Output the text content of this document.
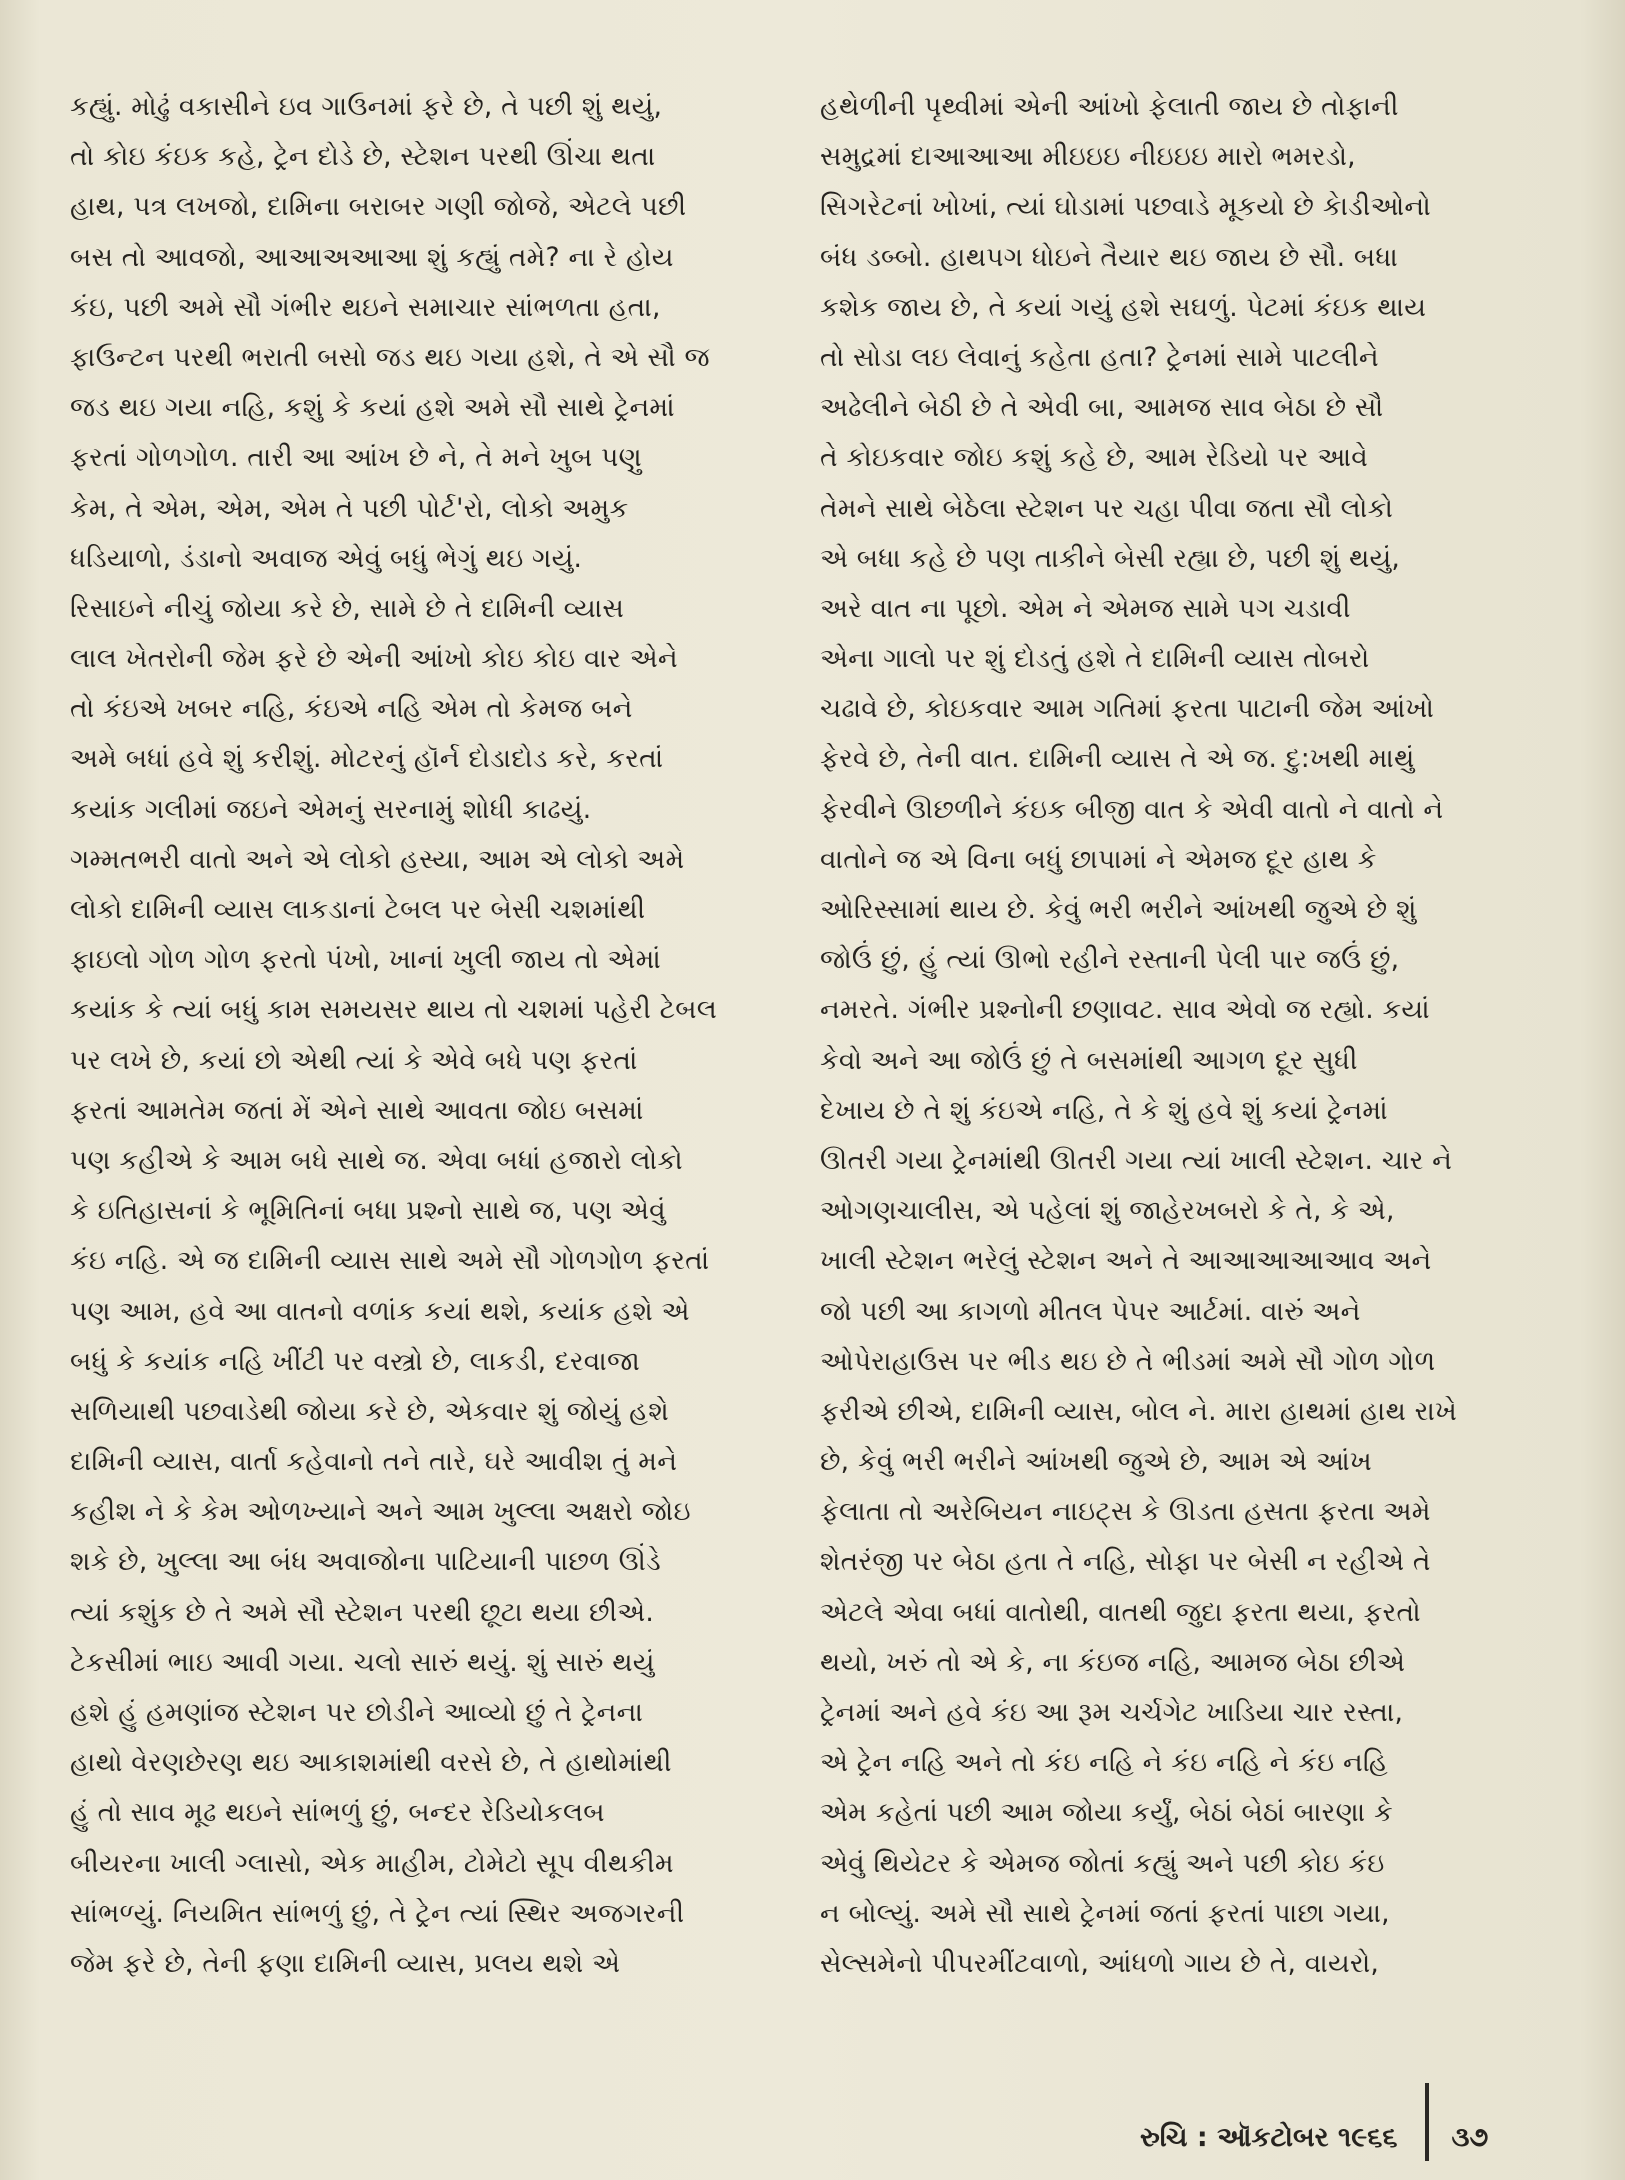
કહ્યું. મોઢું વકાસીને ઇવ ગાઉનમાં ફરે છે, તે પછી શું થયું,
તો કોઇ કંઇક કહે, ટ્રેન દોડે છે, સ્ટેશન પરથી ઊંચા થતા
હાથ, પત્ર લખજો, દામિના બરાબર ગણી જોજે, એટલે પછી
બસ તો આવજો, આઆઅઆઆ શું કહ્યું તમે? ના રે હોય
કંઇ, પછી અમે સૌ ગંભીર થઇને સમાચાર સાંભળતા હતા,
ફાઉન્ટન પરથી ભરાતી બસો જડ થઇ ગયા હશે, તે એ સૌ જ
જડ થઇ ગયા નહિ, કશું કે કયાં હશે અમે સૌ સાથે ટ્રેનમાં
ફરતાં ગોળગોળ. તારી આ આંખ છે ને, તે મને ખુબ પણુ
કેમ, તે એમ, એમ, એમ તે પછી પોર્ટ'રો, લોકો અમુક
ધડિયાળો, ડંડાનો અવાજ એવું બધું ભેગું થઇ ગયું.
રિસાઇને નીચું જોયા કરે છે, સામે છે તે દામિની વ્યાસ
લાલ ખેતરોની જેમ ફરે છે એની આંખો કોઇ કોઇ વાર એને
તો કંઇએ ખબર નહિ, કંઇએ નહિ એમ તો કેમજ બને
અમે બધાં હવે શું કરીશું. મોટરનું હૉર્ન દોડાદોડ કરે, કરતાં
કયાંક ગલીમાં જઇને એમનું સરનામું શોધી કાઢયું.
ગમ્મતભરી વાતો અને એ લોકો હસ્યા, આમ એ લોકો અમે
લોકો દામિની વ્યાસ લાકડાનાં ટેબલ પર બેસી ચશમાંથી
ફાઇલો ગોળ ગોળ ફરતો પંખો, ખાનાં ખુલી જાય તો એમાં
કયાંક કે ત્યાં બધું કામ સમયસર થાય તો ચશમાં પહેરી ટેબલ
પર લખે છે, કયાં છો એથી ત્યાં કે એવે બધે પણ ફરતાં
ફરતાં આમતેમ જતાં મેં એને સાથે આવતા જોઇ બસમાં
પણ કહીએ કે આમ બધે સાથે જ. એવા બધાં હજારો લોકો
કે ઇતિહાસનાં કે ભૂમિતિનાં બધા પ્રશ્નો સાથે જ, પણ એવું
કંઇ નહિ. એ જ દામિની વ્યાસ સાથે અમે સૌ ગોળગોળ ફરતાં
પણ આમ, હવે આ વાતનો વળાંક કયાં થશે, કયાંક હશે એ
બધું કે કયાંક નહિ ખીંટી પર વસ્ત્રો છે, લાકડી, દરવાજા
સળિયાથી પછવાડેથી જોયા કરે છે, એકવાર શું જોયું હશે
દામિની વ્યાસ, વાર્તા કહેવાનો તને તારે, ઘરે આવીશ તું મને
કહીશ ને કે કેમ ઓળખ્યાને અને આમ ખુલ્લા અક્ષરો જોઇ
શકે છે, ખુલ્લા આ બંધ અવાજોના પાટિયાની પાછળ ઊંડે
ત્યાં કશુંક છે તે અમે સૌ સ્ટેશન પરથી છૂટા થયા છીએ.
ટેકસીમાં ભાઇ આવી ગયા. ચલો સારું થયું. શું સારું થયું
હશે હું હમણાંજ સ્ટેશન પર છોડીને આવ્યો છું તે ટ્રેનના
હાથો વેરણછેરણ થઇ આકાશમાંથી વરસે છે, તે હાથોમાંથી
હું તો સાવ મૂઢ થઇને સાંભળું છું, બન્દર રેડિયોકલબ
બીયરના ખાલી ગ્લાસો, એક માહીમ, ટોમેટો સૂપ વીથકીમ
સાંભળ્યું. નિયમિત સાંભળું છું, તે ટ્રેન ત્યાં સ્થિર અજગરની
જેમ ફરે છે, તેની ફણા દામિની વ્યાસ, પ્રલય થશે એ
હથેળીની પૃથ્વીમાં એની આંખો ફેલાતી જાય છે તોફાની
સમુદ્રમાં દાઆઆઆ મીઇઇઇ નીઇઇઇ મારો ભમરડો,
સિગરેટનાં ખોખાં, ત્યાં ઘોડામાં પછવાડે મૂકયો છે કેાડીઓનો
બંધ ડબ્બો. હાથપગ ધોઇને તૈયાર થઇ જાય છે સૌ. બધા
કશેક જાય છે, તે કયાં ગયું હશે સઘળું. પેટમાં કંઇક થાય
તો સોડા લઇ લેવાનું કહેતા હતા? ટ્રેનમાં સામે પાટલીને
અઢેલીને બેઠી છે તે એવી બા, આમજ સાવ બેઠા છે સૌ
તે કોઇકવાર જોઇ કશું કહે છે, આમ રેડિયો પર આવે
તેમને સાથે બેઠેલા સ્ટેશન પર ચહા પીવા જતા સૌ લોકો
એ બધા કહે છે પણ તાકીને બેસી રહ્યા છે, પછી શું થયું,
અરે વાત ના પૂછો. એમ ને એમજ સામે પગ ચડાવી
એના ગાલો પર શું દોડતું હશે તે દામિની વ્યાસ તોબરો
ચઢાવે છે, કોઇકવાર આમ ગતિમાં ફરતા પાટાની જેમ આંખો
ફેરવે છે, તેની વાત. દામિની વ્યાસ તે એ જ. દુ:ખથી માથું
ફેરવીને ઊછળીને કંઇક બીજી વાત કે એવી વાતો ને વાતો ને
વાતોને જ એ વિના બધું છાપામાં ને એમજ દૂર હાથ કે
ઓરિસ્સામાં થાય છે. કેવું ભરી ભરીને આંખથી જુએ છે શું
જોઉં છું, હું ત્યાં ઊભો રહીને રસ્તાની પેલી પાર જઉં છું,
નમરતે. ગંભીર પ્રશ્નોની છણાવટ. સાવ એવો જ રહ્યો. કયાં
કેવો અને આ જોઉં છું તે બસમાંથી આગળ દૂર સુધી
દેખાય છે તે શું કંઇએ નહિ, તે કે શું હવે શું કયાં ટ્રેનમાં
ઊતરી ગયા ટ્રેનમાંથી ઊતરી ગયા ત્યાં ખાલી સ્ટેશન. ચાર ને
ઓગણચાલીસ, એ પહેલાં શું જાહેરખબરો કે તે, કે એ,
ખાલી સ્ટેશન ભરેલું સ્ટેશન અને તે આઆઆઆઆવ અને
જો પછી આ કાગળો મીતલ પેપર આર્ટમાં. વારું અને
ઓપેરાહાઉસ પર ભીડ થઇ છે તે ભીડમાં અમે સૌ ગોળ ગોળ
ફરીએ છીએ, દામિની વ્યાસ, બોલ ને. મારા હાથમાં હાથ રાખે
છે, કેવું ભરી ભરીને આંખથી જુએ છે, આમ એ આંખ
ફેલાતા તો અરેબિયન નાઇટ્સ કે ઊડતા હસતા ફરતા અમે
શેતરંજી પર બેઠા હતા તે નહિ, સોફા પર બેસી ન રહીએ તે
એટલે એવા બધાં વાતોથી, વાતથી જુદા ફરતા થયા, ફરતો
થયો, ખરું તો એ કે, ના કંઇજ નહિ, આમજ બેઠા છીએ
ટ્રેનમાં અને હવે કંઇ આ રૂમ ચર્ચગેટ ખાડિયા ચાર રસ્તા,
એ ટ્રેન નહિ અને તો કંઇ નહિ ને કંઇ નહિ ને કંઇ નહિ
એમ કહેતાં પછી આમ જોયા કર્યું, બેઠાં બેઠાં બારણા કે
એવું થિયેટર કે એમજ જોતાં કહ્યું અને પછી કોઇ કંઇ
ન બોલ્યું. અમે સૌ સાથે ટ્રેનમાં જતાં ફરતાં પાછા ગયા,
સેલ્સમેનો પીપરમીંટવાળો, આંધળો ગાય છે તે, વાયરો,
રુચિ : ઑકટોબર ૧૯૬૬ ૩૭
